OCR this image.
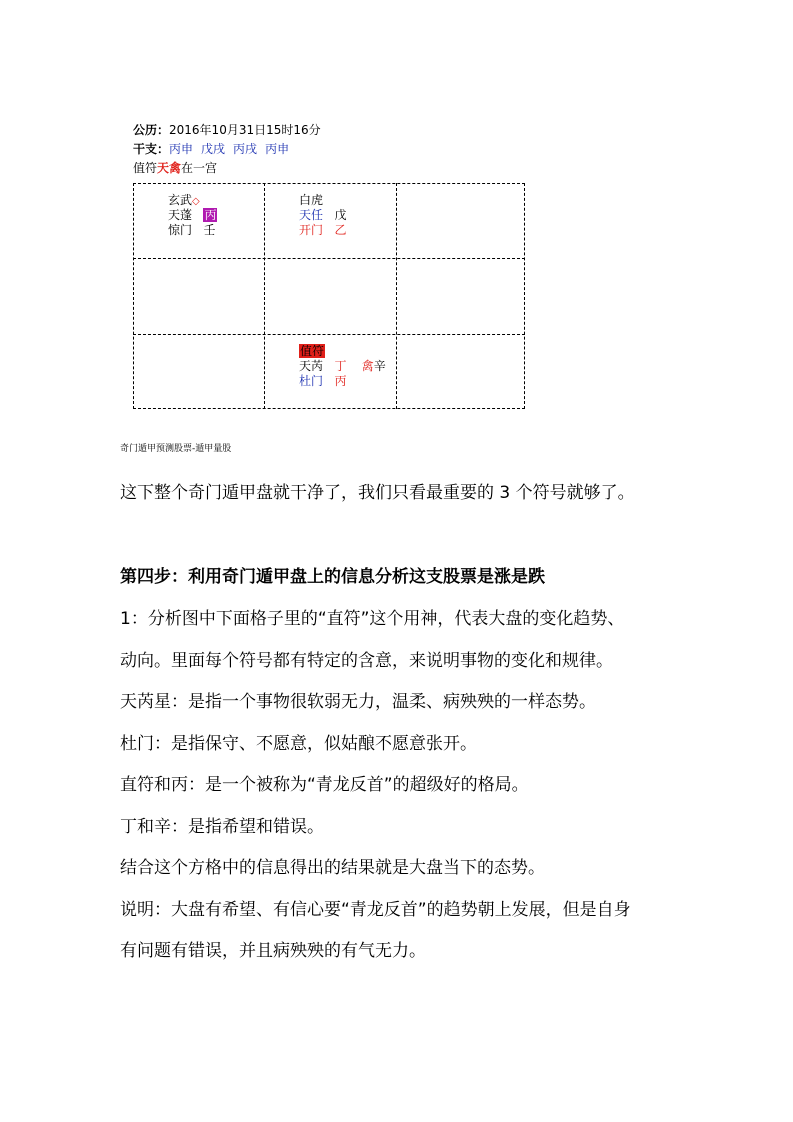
公历：2016年10月31日15时16分
干支：丙申 戊戌 丙戌 丙申
值符天禽在一宫
玄武◇
天蓬 丙
惊门 壬
白虎
天任 戊
开门 乙
值符
天芮 丁 禽辛
杜门 丙
奇门遁甲预测股票-遁甲量股
这下整个奇门遁甲盘就干净了，我们只看最重要的 3 个符号就够了。
第四步：利用奇门遁甲盘上的信息分析这支股票是涨是跌
1：分析图中下面格子里的“直符”这个用神，代表大盘的变化趋势、
动向。里面每个符号都有特定的含意，来说明事物的变化和规律。
天芮星：是指一个事物很软弱无力，温柔、病殃殃的一样态势。
杜门：是指保守、不愿意，似姑酿不愿意张开。
直符和丙：是一个被称为“青龙反首”的超级好的格局。
丁和辛：是指希望和错误。
结合这个方格中的信息得出的结果就是大盘当下的态势。
说明：大盘有希望、有信心要“青龙反首”的趋势朝上发展，但是自身
有问题有错误，并且病殃殃的有气无力。
